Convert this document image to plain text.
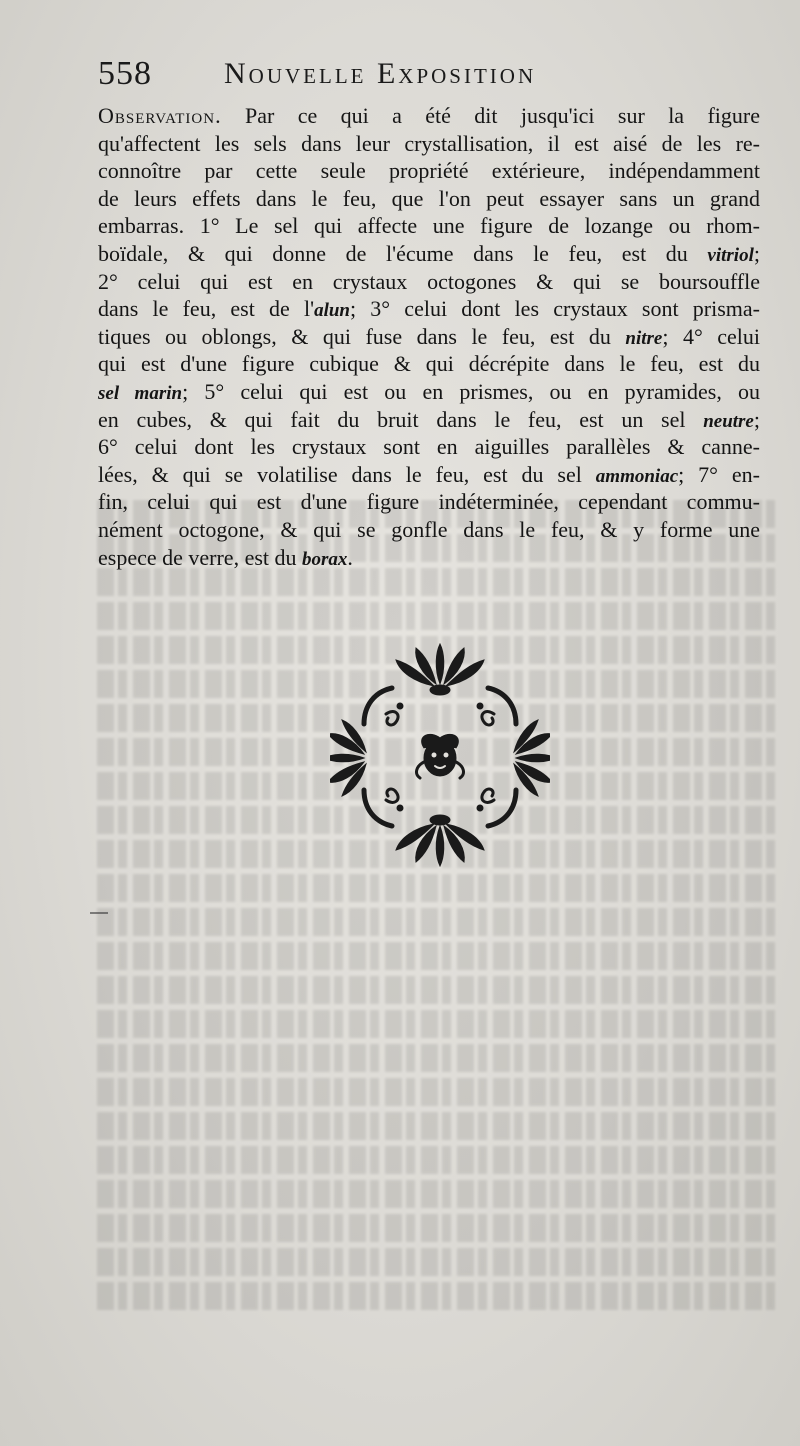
558 Nouvelle Exposition
Observation. Par ce qui a été dit jusqu'ici sur la figure
qu'affectent les sels dans leur crystallisation, il est aisé de les re-
connoître par cette seule propriété extérieure, indépendamment
de leurs effets dans le feu, que l'on peut essayer sans un grand
embarras. 1° Le sel qui affecte une figure de lozange ou rhom-
boïdale, & qui donne de l'écume dans le feu, est du vitriol;
2° celui qui est en crystaux octogones & qui se boursouffle
dans le feu, est de l'alun; 3° celui dont les crystaux sont prisma-
tiques ou oblongs, & qui fuse dans le feu, est du nitre; 4° celui
qui est d'une figure cubique & qui décrépite dans le feu, est du
sel marin; 5° celui qui est ou en prismes, ou en pyramides, ou
en cubes, & qui fait du bruit dans le feu, est un sel neutre;
6° celui dont les crystaux sont en aiguilles parallèles & canne-
lées, & qui se volatilise dans le feu, est du sel ammoniac; 7° en-
fin, celui qui est d'une figure indéterminée, cependant commu-
nément octogone, & qui se gonfle dans le feu, & y forme une
espece de verre, est du borax.
